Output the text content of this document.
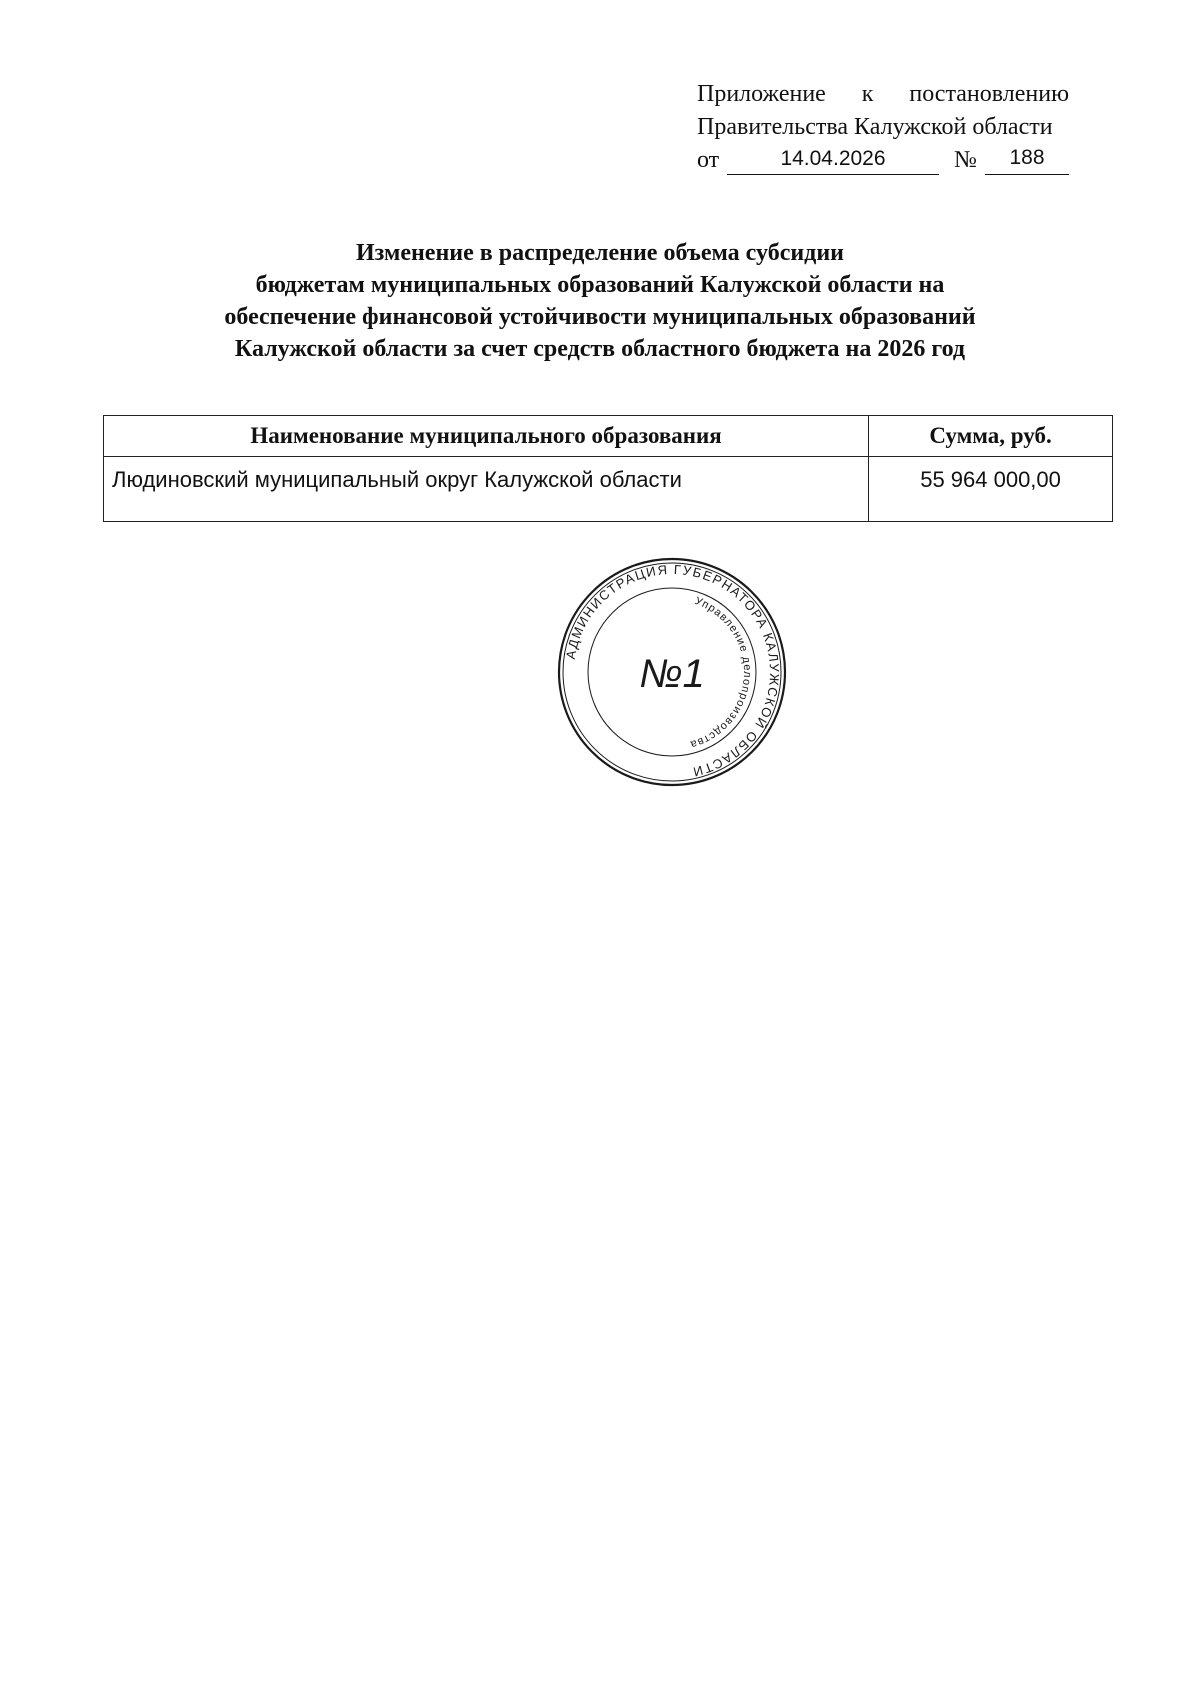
Приложение к постановлению
Правительства Калужской области
от	14.04.2026	№	188
Изменение в распределение объема субсидии
бюджетам муниципальных образований Калужской области на
обеспечение финансовой устойчивости муниципальных образований
Калужской области за счет средств областного бюджета на 2026 год
Наименование муниципального образования	Сумма, руб.
Людиновский муниципальный округ Калужской области	55 964 000,00
АДМИНИСТРАЦИЯ ГУБЕРНАТОРА КАЛУЖСКОЙ ОБЛАСТИ
Управление делопроизводства
№1
